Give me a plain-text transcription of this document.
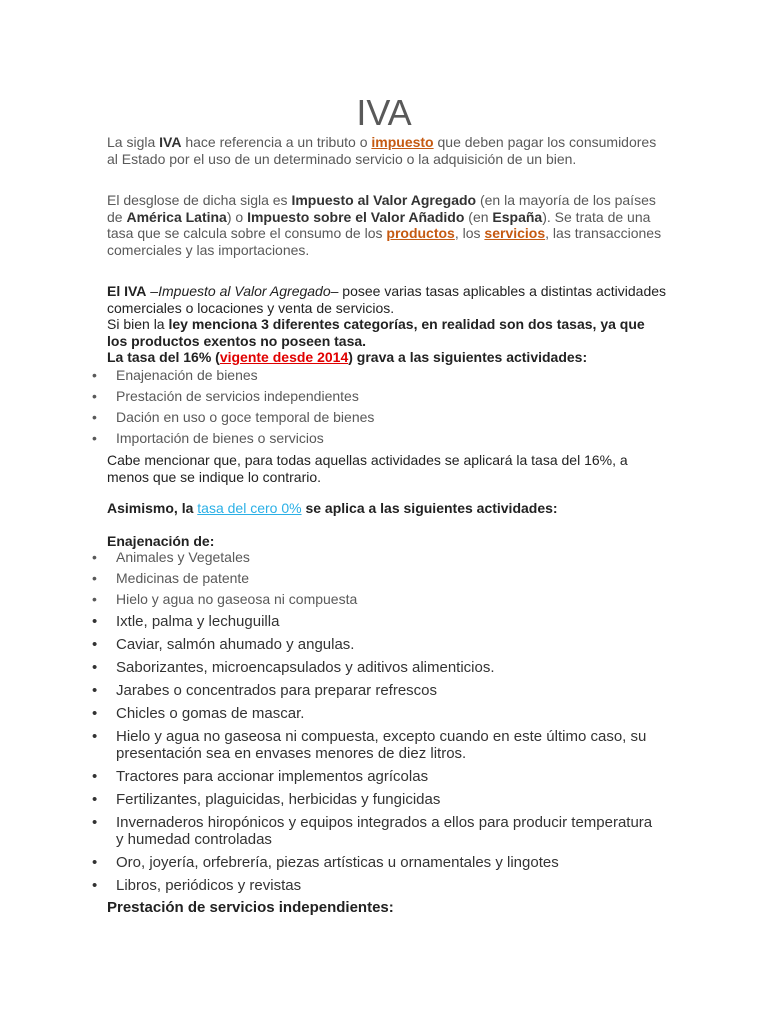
IVA

La sigla IVA hace referencia a un tributo o impuesto que deben pagar los consumidores al Estado por el uso de un determinado servicio o la adquisición de un bien.

El desglose de dicha sigla es Impuesto al Valor Agregado (en la mayoría de los países de América Latina) o Impuesto sobre el Valor Añadido (en España). Se trata de una tasa que se calcula sobre el consumo de los productos, los servicios, las transacciones comerciales y las importaciones.

El IVA –Impuesto al Valor Agregado– posee varias tasas aplicables a distintas actividades comerciales o locaciones y venta de servicios.
Si bien la ley menciona 3 diferentes categorías, en realidad son dos tasas, ya que los productos exentos no poseen tasa.
La tasa del 16% (vigente desde 2014) grava a las siguientes actividades:

• Enajenación de bienes
• Prestación de servicios independientes
• Dación en uso o goce temporal de bienes
• Importación de bienes o servicios

Cabe mencionar que, para todas aquellas actividades se aplicará la tasa del 16%, a menos que se indique lo contrario.

Asimismo, la tasa del cero 0% se aplica a las siguientes actividades:

Enajenación de:

• Animales y Vegetales
• Medicinas de patente
• Hielo y agua no gaseosa ni compuesta
• Ixtle, palma y lechuguilla
• Caviar, salmón ahumado y angulas.
• Saborizantes, microencapsulados y aditivos alimenticios.
• Jarabes o concentrados para preparar refrescos
• Chicles o gomas de mascar.
• Hielo y agua no gaseosa ni compuesta, excepto cuando en este último caso, su presentación sea en envases menores de diez litros.
• Tractores para accionar implementos agrícolas
• Fertilizantes, plaguicidas, herbicidas y fungicidas
• Invernaderos hiropónicos y equipos integrados a ellos para producir temperatura y humedad controladas
• Oro, joyería, orfebrería, piezas artísticas u ornamentales y lingotes
• Libros, periódicos y revistas

Prestación de servicios independientes:
